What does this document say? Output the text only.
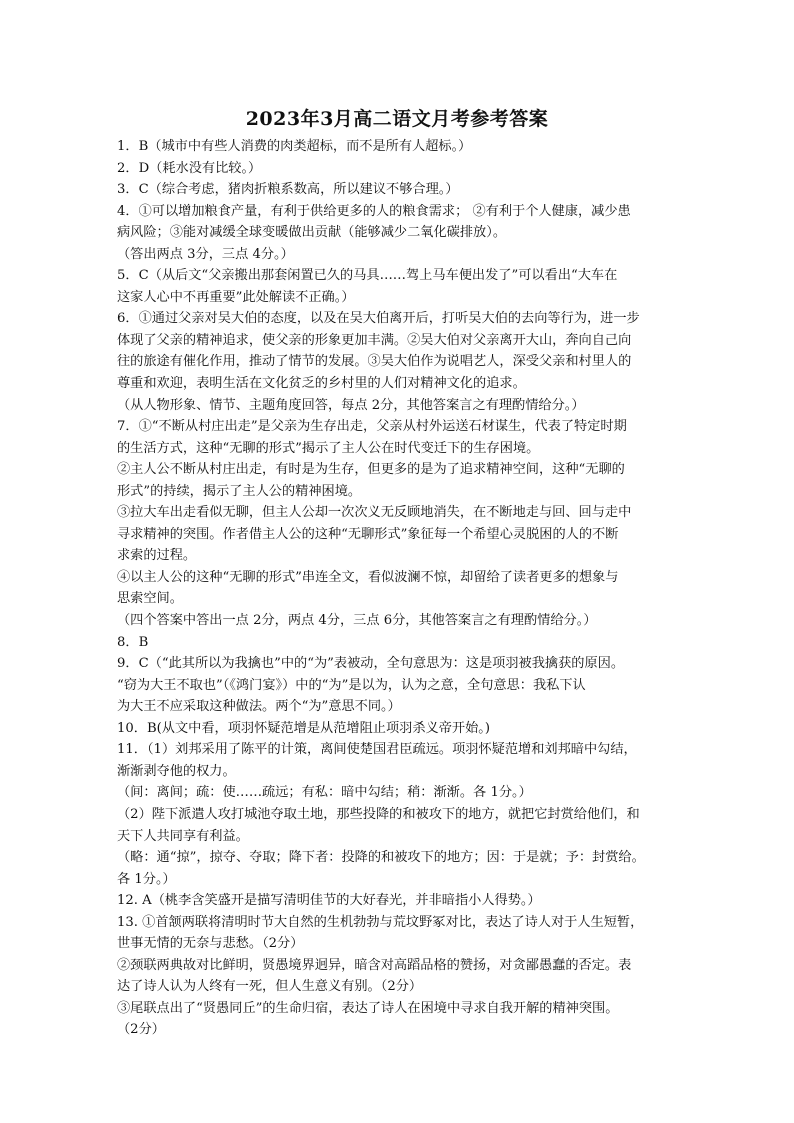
2023年3月高二语文月考参考答案
1．B（城市中有些人消费的肉类超标，而不是所有人超标。）
2．D（耗水没有比较。）
3．C（综合考虑，猪肉折粮系数高，所以建议不够合理。）
4．①可以增加粮食产量，有利于供给更多的人的粮食需求； ②有利于个人健康，减少患
病风险；③能对减缓全球变暖做出贡献（能够减少二氧化碳排放）。
（答出两点 3分，三点 4分。）
5．C（从后文“父亲搬出那套闲置已久的马具……驾上马车便出发了”可以看出“大车在
这家人心中不再重要”此处解读不正确。）
6．①通过父亲对吴大伯的态度，以及在吴大伯离开后，打听吴大伯的去向等行为，进一步
体现了父亲的精神追求，使父亲的形象更加丰满。②吴大伯对父亲离开大山，奔向自己向
往的旅途有催化作用，推动了情节的发展。③吴大伯作为说唱艺人，深受父亲和村里人的
尊重和欢迎，表明生活在文化贫乏的乡村里的人们对精神文化的追求。
（从人物形象、情节、主题角度回答，每点 2分，其他答案言之有理酌情给分。）
7．①“不断从村庄出走”是父亲为生存出走，父亲从村外运送石材谋生，代表了特定时期
的生活方式，这种“无聊的形式”揭示了主人公在时代变迁下的生存困境。
②主人公不断从村庄出走，有时是为生存，但更多的是为了追求精神空间，这种“无聊的
形式”的持续，揭示了主人公的精神困境。
③拉大车出走看似无聊，但主人公却一次次义无反顾地消失，在不断地走与回、回与走中
寻求精神的突围。作者借主人公的这种“无聊形式”象征每一个希望心灵脱困的人的不断
求索的过程。
④以主人公的这种“无聊的形式”串连全文，看似波澜不惊，却留给了读者更多的想象与
思索空间。
（四个答案中答出一点 2分，两点 4分，三点 6分，其他答案言之有理酌情给分。）
8．B
9．C（“此其所以为我擒也”中的“为”表被动，全句意思为：这是项羽被我擒获的原因。
“窃为大王不取也”（《鸿门宴》）中的“为”是以为，认为之意，全句意思：我私下认
为大王不应采取这种做法。两个“为”意思不同。）
10．B(从文中看，项羽怀疑范增是从范增阻止项羽杀义帝开始。)
11．（1）刘邦采用了陈平的计策，离间使楚国君臣疏远。项羽怀疑范增和刘邦暗中勾结，
渐渐剥夺他的权力。
（间：离间；疏：使……疏远；有私：暗中勾结；稍：渐渐。各 1分。）
（2）陛下派遣人攻打城池夺取土地，那些投降的和被攻下的地方，就把它封赏给他们，和
天下人共同享有利益。
（略：通“掠”，掠夺、夺取；降下者：投降的和被攻下的地方；因：于是就；予：封赏给。
各 1分。）
12. A（桃李含笑盛开是描写清明佳节的大好春光，并非暗指小人得势。）
13. ①首颔两联将清明时节大自然的生机勃勃与荒坟野冢对比，表达了诗人对于人生短暂，
世事无情的无奈与悲愁。（2分）
②颈联两典故对比鲜明，贤愚境界迥异，暗含对高蹈品格的赞扬，对贪鄙愚蠢的否定。表
达了诗人认为人终有一死，但人生意义有别。（2分）
③尾联点出了“贤愚同丘”的生命归宿，表达了诗人在困境中寻求自我开解的精神突围。
（2分）
